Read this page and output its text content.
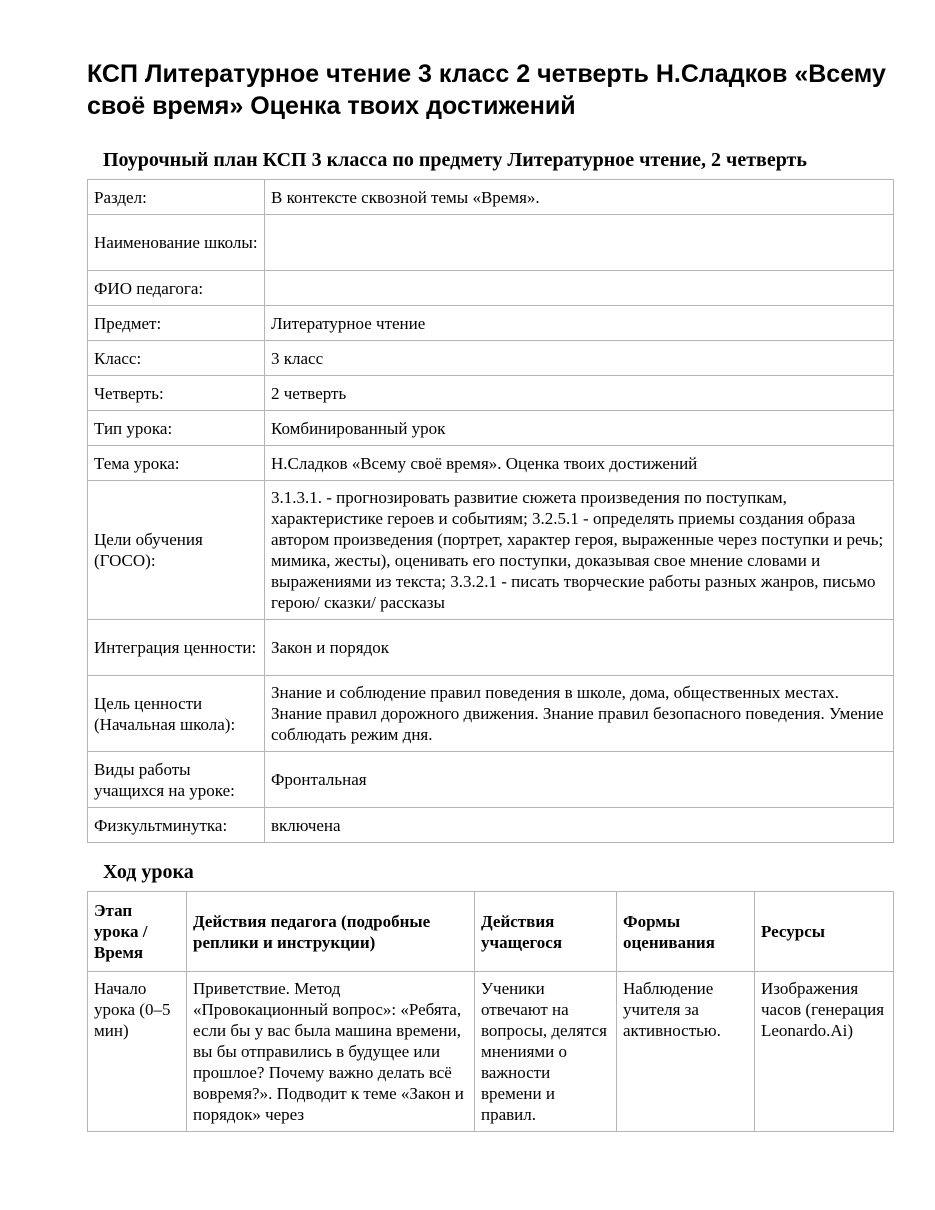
КСП Литературное чтение 3 класс 2 четверть Н.Сладков «Всему своё время» Оценка твоих достижений
Поурочный план КСП 3 класса по предмету Литературное чтение, 2 четверть
Раздел:	В контексте сквозной темы «Время».
Наименование школы:	
ФИО педагога:	
Предмет:	Литературное чтение
Класс:	3 класс
Четверть:	2 четверть
Тип урока:	Комбинированный урок
Тема урока:	Н.Сладков «Всему своё время». Оценка твоих достижений
Цели обучения (ГОСО):	3.1.3.1. - прогнозировать развитие сюжета произведения по поступкам, характеристике героев и событиям; 3.2.5.1 - определять приемы создания образа автором произведения (портрет, характер героя, выраженные через поступки и речь; мимика, жесты), оценивать его поступки, доказывая свое мнение словами и выражениями из текста; 3.3.2.1 - писать творческие работы разных жанров, письмо герою/ сказки/ рассказы
Интеграция ценности:	Закон и порядок
Цель ценности (Начальная школа):	Знание и соблюдение правил поведения в школе, дома, общественных местах. Знание правил дорожного движения. Знание правил безопасного поведения. Умение соблюдать режим дня.
Виды работы учащихся на уроке:	Фронтальная
Физкультминутка:	включена
Ход урока
Этап урока / Время	Действия педагога (подробные реплики и инструкции)	Действия учащегося	Формы оценивания	Ресурсы
Начало урока (0–5 мин)	Приветствие. Метод «Провокационный вопрос»: «Ребята, если бы у вас была машина времени, вы бы отправились в будущее или прошлое? Почему важно делать всё вовремя?». Подводит к теме «Закон и порядок» через	Ученики отвечают на вопросы, делятся мнениями о важности времени и правил.	Наблюдение учителя за активностью.	Изображения часов (генерация Leonardo.Ai)
